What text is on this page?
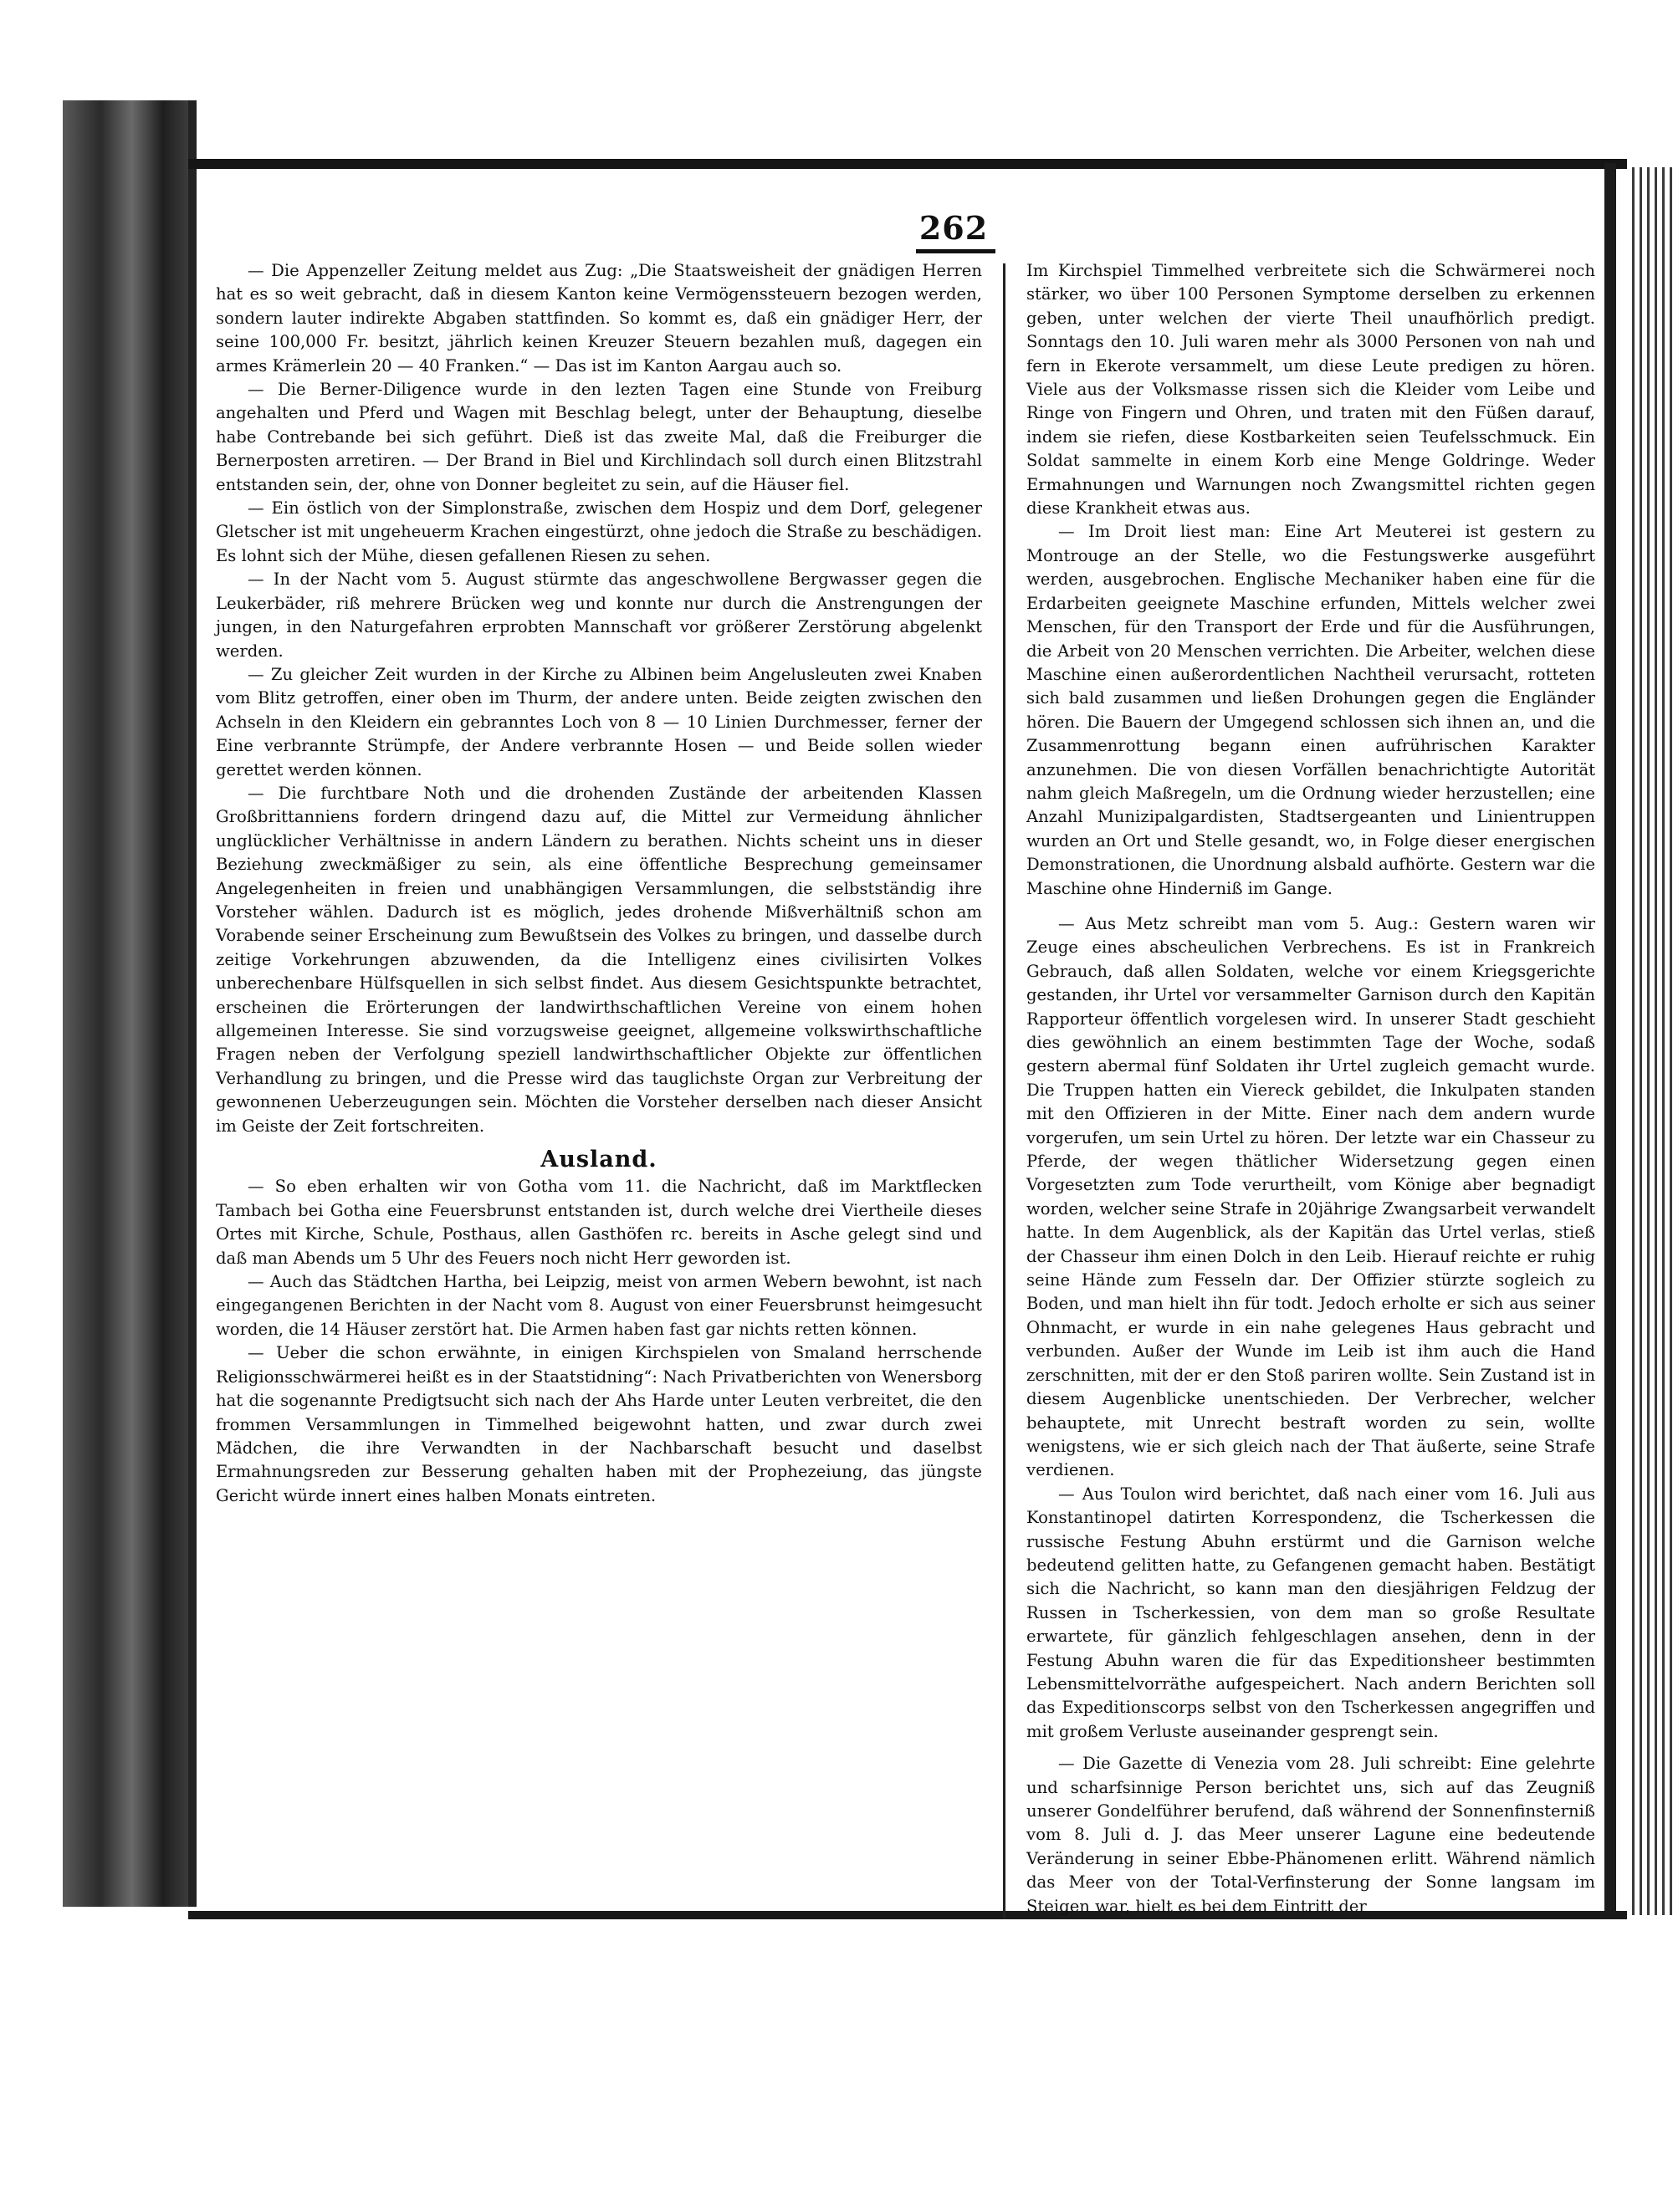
262

— Die Appenzeller Zeitung meldet aus Zug: „Die Staatsweisheit der gnädigen Herren hat es so weit gebracht, daß in diesem Kanton keine Vermögenssteuern bezogen werden, sondern lauter indirekte Abgaben stattfinden. So kommt es, daß ein gnädiger Herr, der seine 100,000 Fr. besitzt, jährlich keinen Kreuzer Steuern bezahlen muß, dagegen ein armes Krämerlein 20 — 40 Franken.“ — Das ist im Kanton Aargau auch so.

— Die Berner-Diligence wurde in den lezten Tagen eine Stunde von Freiburg angehalten und Pferd und Wagen mit Beschlag belegt, unter der Behauptung, dieselbe habe Contrebande bei sich geführt. Dieß ist das zweite Mal, daß die Freiburger die Bernerposten arretiren. — Der Brand in Biel und Kirchlindach soll durch einen Blitzstrahl entstanden sein, der, ohne von Donner begleitet zu sein, auf die Häuser fiel.

— Ein östlich von der Simplonstraße, zwischen dem Hospiz und dem Dorf, gelegener Gletscher ist mit ungeheuerm Krachen eingestürzt, ohne jedoch die Straße zu beschädigen. Es lohnt sich der Mühe, diesen gefallenen Riesen zu sehen.

— In der Nacht vom 5. August stürmte das angeschwollene Bergwasser gegen die Leukerbäder, riß mehrere Brücken weg und konnte nur durch die Anstrengungen der jungen, in den Naturgefahren erprobten Mannschaft vor größerer Zerstörung abgelenkt werden.

— Zu gleicher Zeit wurden in der Kirche zu Albinen beim Angelusleuten zwei Knaben vom Blitz getroffen, einer oben im Thurm, der andere unten. Beide zeigten zwischen den Achseln in den Kleidern ein gebranntes Loch von 8 — 10 Linien Durchmesser, ferner der Eine verbrannte Strümpfe, der Andere verbrannte Hosen — und Beide sollen wieder gerettet werden können.

— Die furchtbare Noth und die drohenden Zustände der arbeitenden Klassen Großbrittanniens fordern dringend dazu auf, die Mittel zur Vermeidung ähnlicher unglücklicher Verhältnisse in andern Ländern zu berathen. Nichts scheint uns in dieser Beziehung zweckmäßiger zu sein, als eine öffentliche Besprechung gemeinsamer Angelegenheiten in freien und unabhängigen Versammlungen, die selbstständig ihre Vorsteher wählen. Dadurch ist es möglich, jedes drohende Mißverhältniß schon am Vorabende seiner Erscheinung zum Bewußtsein des Volkes zu bringen, und dasselbe durch zeitige Vorkehrungen abzuwenden, da die Intelligenz eines civilisirten Volkes unberechenbare Hülfsquellen in sich selbst findet. Aus diesem Gesichtspunkte betrachtet, erscheinen die Erörterungen der landwirthschaftlichen Vereine von einem hohen allgemeinen Interesse. Sie sind vorzugsweise geeignet, allgemeine volkswirthschaftliche Fragen neben der Verfolgung speziell landwirthschaftlicher Objekte zur öffentlichen Verhandlung zu bringen, und die Presse wird das tauglichste Organ zur Verbreitung der gewonnenen Ueberzeugungen sein. Möchten die Vorsteher derselben nach dieser Ansicht im Geiste der Zeit fortschreiten.

Ausland.

— So eben erhalten wir von Gotha vom 11. die Nachricht, daß im Marktflecken Tambach bei Gotha eine Feuersbrunst entstanden ist, durch welche drei Viertheile dieses Ortes mit Kirche, Schule, Posthaus, allen Gasthöfen rc. bereits in Asche gelegt sind und daß man Abends um 5 Uhr des Feuers noch nicht Herr geworden ist.

— Auch das Städtchen Hartha, bei Leipzig, meist von armen Webern bewohnt, ist nach eingegangenen Berichten in der Nacht vom 8. August von einer Feuersbrunst heimgesucht worden, die 14 Häuser zerstört hat. Die Armen haben fast gar nichts retten können.

— Ueber die schon erwähnte, in einigen Kirchspielen von Smaland herrschende Religionsschwärmerei heißt es in der Staatstidning“: Nach Privatberichten von Wenersborg hat die sogenannte Predigtsucht sich nach der Ahs Harde unter Leuten verbreitet, die den frommen Versammlungen in Timmelhed beigewohnt hatten, und zwar durch zwei Mädchen, die ihre Verwandten in der Nachbarschaft besucht und daselbst Ermahnungsreden zur Besserung gehalten haben mit der Prophezeiung, das jüngste Gericht würde innert eines halben Monats eintreten.

Im Kirchspiel Timmelhed verbreitete sich die Schwärmerei noch stärker, wo über 100 Personen Symptome derselben zu erkennen geben, unter welchen der vierte Theil unaufhörlich predigt. Sonntags den 10. Juli waren mehr als 3000 Personen von nah und fern in Ekerote versammelt, um diese Leute predigen zu hören. Viele aus der Volksmasse rissen sich die Kleider vom Leibe und Ringe von Fingern und Ohren, und traten mit den Füßen darauf, indem sie riefen, diese Kostbarkeiten seien Teufelsschmuck. Ein Soldat sammelte in einem Korb eine Menge Goldringe. Weder Ermahnungen und Warnungen noch Zwangsmittel richten gegen diese Krankheit etwas aus.

— Im Droit liest man: Eine Art Meuterei ist gestern zu Montrouge an der Stelle, wo die Festungswerke ausgeführt werden, ausgebrochen. Englische Mechaniker haben eine für die Erdarbeiten geeignete Maschine erfunden, Mittels welcher zwei Menschen, für den Transport der Erde und für die Ausführungen, die Arbeit von 20 Menschen verrichten. Die Arbeiter, welchen diese Maschine einen außerordentlichen Nachtheil verursacht, rotteten sich bald zusammen und ließen Drohungen gegen die Engländer hören. Die Bauern der Umgegend schlossen sich ihnen an, und die Zusammenrottung begann einen aufrührischen Karakter anzunehmen. Die von diesen Vorfällen benachrichtigte Autorität nahm gleich Maßregeln, um die Ordnung wieder herzustellen; eine Anzahl Munizipalgardisten, Stadtsergeanten und Linientruppen wurden an Ort und Stelle gesandt, wo, in Folge dieser energischen Demonstrationen, die Unordnung alsbald aufhörte. Gestern war die Maschine ohne Hinderniß im Gange.

— Aus Metz schreibt man vom 5. Aug.: Gestern waren wir Zeuge eines abscheulichen Verbrechens. Es ist in Frankreich Gebrauch, daß allen Soldaten, welche vor einem Kriegsgerichte gestanden, ihr Urtel vor versammelter Garnison durch den Kapitän Rapporteur öffentlich vorgelesen wird. In unserer Stadt geschieht dies gewöhnlich an einem bestimmten Tage der Woche, sodaß gestern abermal fünf Soldaten ihr Urtel zugleich gemacht wurde. Die Truppen hatten ein Viereck gebildet, die Inkulpaten standen mit den Offizieren in der Mitte. Einer nach dem andern wurde vorgerufen, um sein Urtel zu hören. Der letzte war ein Chasseur zu Pferde, der wegen thätlicher Widersetzung gegen einen Vorgesetzten zum Tode verurtheilt, vom Könige aber begnadigt worden, welcher seine Strafe in 20jährige Zwangsarbeit verwandelt hatte. In dem Augenblick, als der Kapitän das Urtel verlas, stieß der Chasseur ihm einen Dolch in den Leib. Hierauf reichte er ruhig seine Hände zum Fesseln dar. Der Offizier stürzte sogleich zu Boden, und man hielt ihn für todt. Jedoch erholte er sich aus seiner Ohnmacht, er wurde in ein nahe gelegenes Haus gebracht und verbunden. Außer der Wunde im Leib ist ihm auch die Hand zerschnitten, mit der er den Stoß pariren wollte. Sein Zustand ist in diesem Augenblicke unentschieden. Der Verbrecher, welcher behauptete, mit Unrecht bestraft worden zu sein, wollte wenigstens, wie er sich gleich nach der That äußerte, seine Strafe verdienen.

— Aus Toulon wird berichtet, daß nach einer vom 16. Juli aus Konstantinopel datirten Korrespondenz, die Tscherkessen die russische Festung Abuhn erstürmt und die Garnison welche bedeutend gelitten hatte, zu Gefangenen gemacht haben. Bestätigt sich die Nachricht, so kann man den diesjährigen Feldzug der Russen in Tscherkessien, von dem man so große Resultate erwartete, für gänzlich fehlgeschlagen ansehen, denn in der Festung Abuhn waren die für das Expeditionsheer bestimmten Lebensmittelvorräthe aufgespeichert. Nach andern Berichten soll das Expeditionscorps selbst von den Tscherkessen angegriffen und mit großem Verluste auseinander gesprengt sein.

— Die Gazette di Venezia vom 28. Juli schreibt: Eine gelehrte und scharfsinnige Person berichtet uns, sich auf das Zeugniß unserer Gondelführer berufend, daß während der Sonnenfinsterniß vom 8. Juli d. J. das Meer unserer Lagune eine bedeutende Veränderung in seiner Ebbe-Phänomenen erlitt. Während nämlich das Meer von der Total-Verfinsterung der Sonne langsam im Steigen war, hielt es bei dem Eintritt der
